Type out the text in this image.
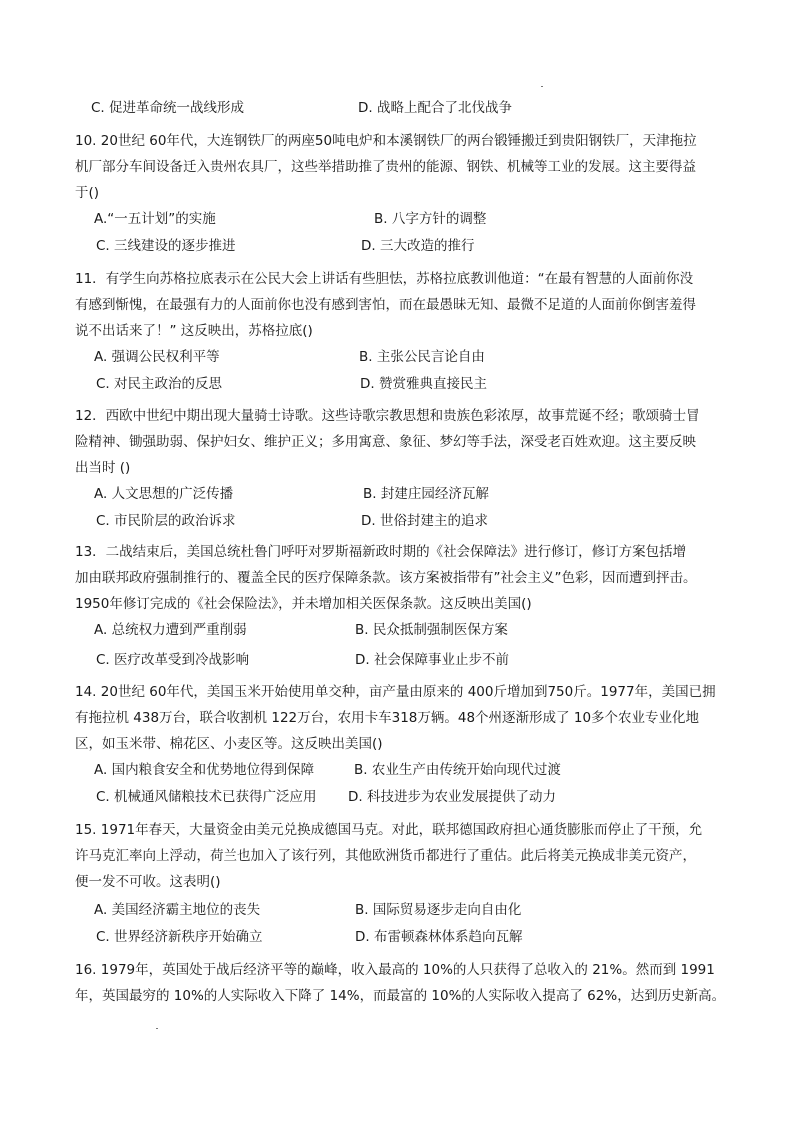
C. 促进革命统一战线形成	D. 战略上配合了北伐战争
10. 20世纪 60年代，大连钢铁厂的两座50吨电炉和本溪钢铁厂的两台锻锤搬迁到贵阳钢铁厂，天津拖拉
机厂部分车间设备迁入贵州农具厂，这些举措助推了贵州的能源、钢铁、机械等工业的发展。这主要得益
于()
A.“一五计划”的实施	B. 八字方针的调整
C. 三线建设的逐步推进	D. 三大改造的推行
11．有学生向苏格拉底表示在公民大会上讲话有些胆怯，苏格拉底教训他道：“在最有智慧的人面前你没
有感到惭愧，在最强有力的人面前你也没有感到害怕，而在最愚昧无知、最微不足道的人面前你倒害羞得
说不出话来了！” 这反映出，苏格拉底()
A. 强调公民权利平等	B. 主张公民言论自由
C. 对民主政治的反思	D. 赞赏雅典直接民主
12．西欧中世纪中期出现大量骑士诗歌。这些诗歌宗教思想和贵族色彩浓厚，故事荒诞不经；歌颂骑士冒
险精神、锄强助弱、保护妇女、维护正义；多用寓意、象征、梦幻等手法，深受老百姓欢迎。这主要反映
出当时 ()
A. 人文思想的广泛传播	B. 封建庄园经济瓦解
C. 市民阶层的政治诉求	D. 世俗封建主的追求
13．二战结束后，美国总统杜鲁门呼吁对罗斯福新政时期的《社会保障法》进行修订，修订方案包括增
加由联邦政府强制推行的、覆盖全民的医疗保障条款。该方案被指带有”社会主义”色彩，因而遭到抨击。
1950年修订完成的《社会保险法》，并未增加相关医保条款。这反映出美国()
A. 总统权力遭到严重削弱	B. 民众抵制强制医保方案
C. 医疗改革受到冷战影响	D. 社会保障事业止步不前
14. 20世纪 60年代，美国玉米开始使用单交种，亩产量由原来的 400斤增加到750斤。1977年，美国已拥
有拖拉机 438万台，联合收割机 122万台，农用卡车318万辆。48个州逐渐形成了 10多个农业专业化地
区，如玉米带、棉花区、小麦区等。这反映出美国()
A. 国内粮食安全和优势地位得到保障	B. 农业生产由传统开始向现代过渡
C. 机械通风储粮技术已获得广泛应用 D. 科技进步为农业发展提供了动力
15. 1971年春天，大量资金由美元兑换成德国马克。对此，联邦德国政府担心通货膨胀而停止了干预，允
许马克汇率向上浮动，荷兰也加入了该行列，其他欧洲货币都进行了重估。此后将美元换成非美元资产，
便一发不可收。这表明()
A. 美国经济霸主地位的丧失	B. 国际贸易逐步走向自由化
C. 世界经济新秩序开始确立	D. 布雷顿森林体系趋向瓦解
16. 1979年，英国处于战后经济平等的巅峰，收入最高的 10%的人只获得了总收入的 21%。然而到 1991
年，英国最穷的 10%的人实际收入下降了 14%，而最富的 10%的人实际收入提高了 62%，达到历史新高。
